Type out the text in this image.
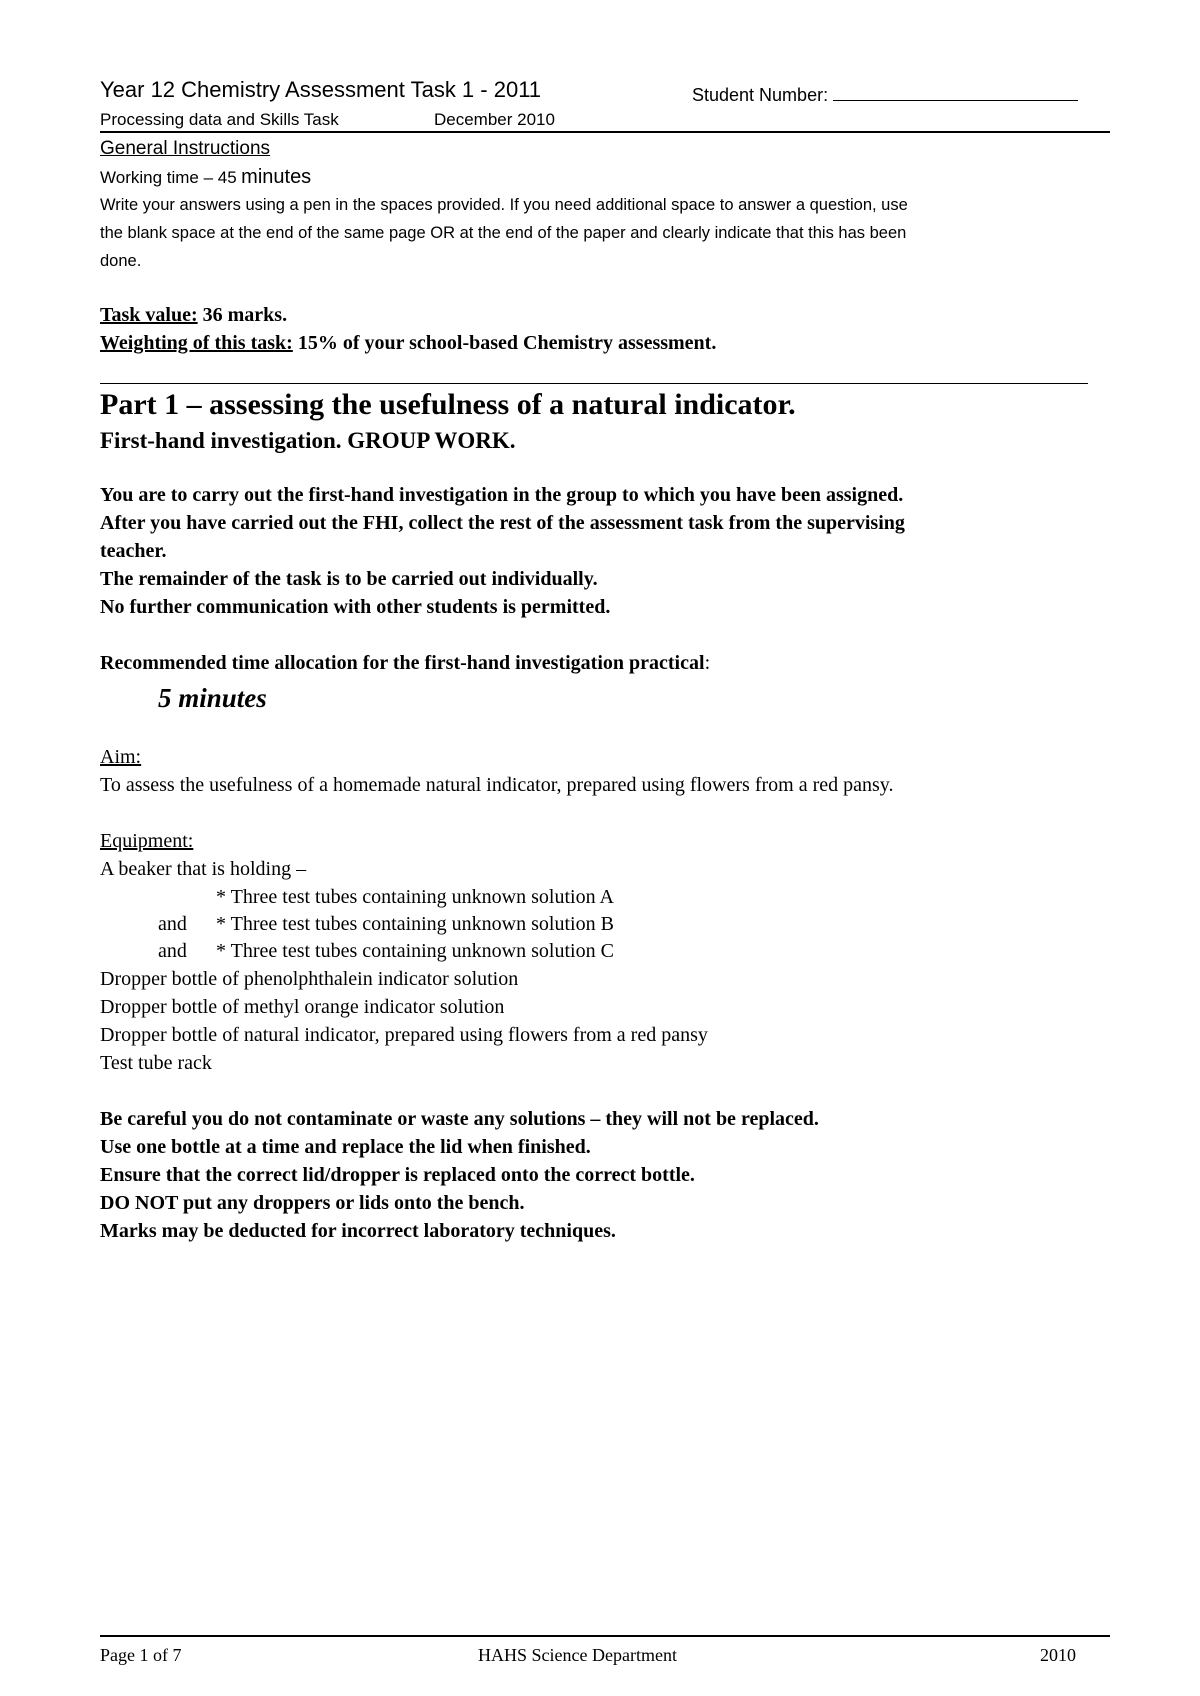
Year 12 Chemistry Assessment Task 1 - 2011	Student Number:
Processing data and Skills Task	December 2010
General Instructions
Working time – 45 minutes
Write your answers using a pen in the spaces provided. If you need additional space to answer a question, use
the blank space at the end of the same page OR at the end of the paper and clearly indicate that this has been
done.
Task value: 36 marks.
Weighting of this task: 15% of your school-based Chemistry assessment.
Part 1 – assessing the usefulness of a natural indicator.
First-hand investigation. GROUP WORK.
You are to carry out the first-hand investigation in the group to which you have been assigned.
After you have carried out the FHI, collect the rest of the assessment task from the supervising
teacher.
The remainder of the task is to be carried out individually.
No further communication with other students is permitted.
Recommended time allocation for the first-hand investigation practical:
5 minutes
Aim:
To assess the usefulness of a homemade natural indicator, prepared using flowers from a red pansy.
Equipment:
A beaker that is holding –
and
and
* Three test tubes containing unknown solution A
* Three test tubes containing unknown solution B
* Three test tubes containing unknown solution C
Dropper bottle of phenolphthalein indicator solution
Dropper bottle of methyl orange indicator solution
Dropper bottle of natural indicator, prepared using flowers from a red pansy
Test tube rack
Be careful you do not contaminate or waste any solutions – they will not be replaced.
Use one bottle at a time and replace the lid when finished.
Ensure that the correct lid/dropper is replaced onto the correct bottle.
DO NOT put any droppers or lids onto the bench.
Marks may be deducted for incorrect laboratory techniques.
Page 1 of 7	HAHS Science Department	2010
